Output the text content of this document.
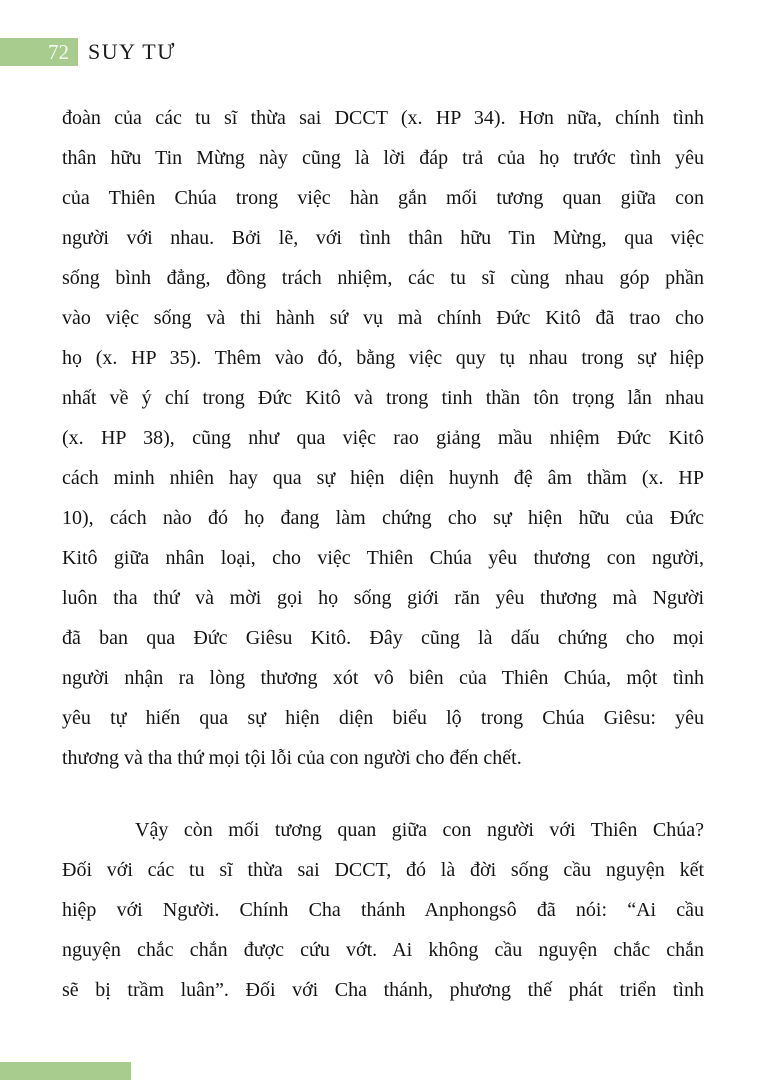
72 SUY TƯ
đoàn của các tu sĩ thừa sai DCCT (x. HP 34). Hơn nữa, chính tình
thân hữu Tin Mừng này cũng là lời đáp trả của họ trước tình yêu
của Thiên Chúa trong việc hàn gắn mối tương quan giữa con
người với nhau. Bởi lẽ, với tình thân hữu Tin Mừng, qua việc
sống bình đẳng, đồng trách nhiệm, các tu sĩ cùng nhau góp phần
vào việc sống và thi hành sứ vụ mà chính Đức Kitô đã trao cho
họ (x. HP 35). Thêm vào đó, bằng việc quy tụ nhau trong sự hiệp
nhất về ý chí trong Đức Kitô và trong tinh thần tôn trọng lẫn nhau
(x. HP 38), cũng như qua việc rao giảng mầu nhiệm Đức Kitô
cách minh nhiên hay qua sự hiện diện huynh đệ âm thầm (x. HP
10), cách nào đó họ đang làm chứng cho sự hiện hữu của Đức
Kitô giữa nhân loại, cho việc Thiên Chúa yêu thương con người,
luôn tha thứ và mời gọi họ sống giới răn yêu thương mà Người
đã ban qua Đức Giêsu Kitô. Đây cũng là dấu chứng cho mọi
người nhận ra lòng thương xót vô biên của Thiên Chúa, một tình
yêu tự hiến qua sự hiện diện biểu lộ trong Chúa Giêsu: yêu
thương và tha thứ mọi tội lỗi của con người cho đến chết.
Vậy còn mối tương quan giữa con người với Thiên Chúa?
Đối với các tu sĩ thừa sai DCCT, đó là đời sống cầu nguyện kết
hiệp với Người. Chính Cha thánh Anphongsô đã nói: “Ai cầu
nguyện chắc chắn được cứu vớt. Ai không cầu nguyện chắc chắn
sẽ bị trầm luân”. Đối với Cha thánh, phương thế phát triển tình
